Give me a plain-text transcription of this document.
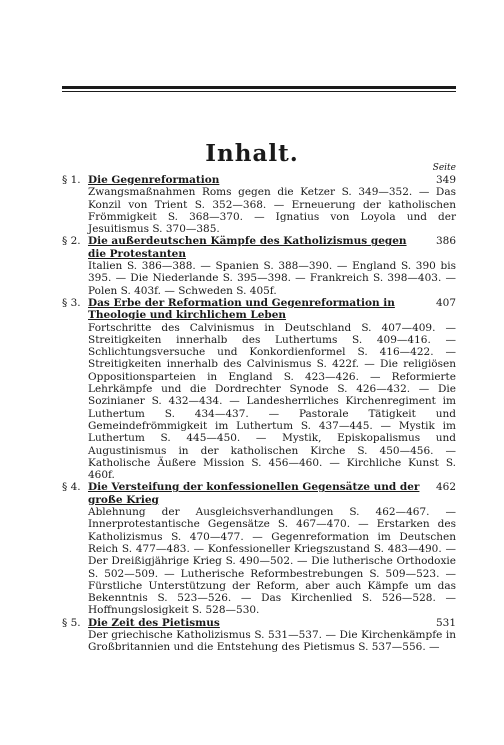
Inhalt.
Seite
§ 1. Die Gegenreformation	349
Zwangsmaßnahmen Roms gegen die Ketzer S. 349—352. — Das Konzil von Trient S. 352—368. — Erneuerung der katholischen Frömmigkeit S. 368—370. — Ignatius von Loyola und der Jesuitismus S. 370—385.
§ 2. Die außerdeutschen Kämpfe des Katholizismus gegen die Protestanten
386
Italien S. 386—388. — Spanien S. 388—390. — England S. 390 bis 395. — Die Niederlande S. 395—398. — Frankreich S. 398—403. — Polen S. 403f. — Schweden S. 405f.
§ 3. Das Erbe der Reformation und Gegenreformation in Theologie und kirchlichem Leben
407
Fortschritte des Calvinismus in Deutschland S. 407—409. — Streitigkeiten innerhalb des Luthertums S. 409—416. — Schlichtungsversuche und Konkordienformel S. 416—422. — Streitigkeiten innerhalb des Calvinismus S. 422f. — Die religiösen Oppositionsparteien in England S. 423—426. — Reformierte Lehrkämpfe und die Dordrechter Synode S. 426—432. — Die Sozinianer S. 432—434. — Landesherrliches Kirchenregiment im Luthertum S. 434—437. — Pastorale Tätigkeit und Gemeindefrömmigkeit im Luthertum S. 437—445. — Mystik im Luthertum S. 445—450. — Mystik, Episkopalismus und Augustinismus in der katholischen Kirche S. 450—456. — Katholische Äußere Mission S. 456—460. — Kirchliche Kunst S. 460f.
§ 4. Die Versteifung der konfessionellen Gegensätze und der große Krieg
462
Ablehnung der Ausgleichsverhandlungen S. 462—467. — Innerprotestantische Gegensätze S. 467—470. — Erstarken des Katholizismus S. 470—477. — Gegenreformation im Deutschen Reich S. 477—483. — Konfessioneller Kriegszustand S. 483—490. — Der Dreißigjährige Krieg S. 490—502. — Die lutherische Orthodoxie S. 502—509. — Lutherische Reformbestrebungen S. 509—523. — Fürstliche Unterstützung der Reform, aber auch Kämpfe um das Bekenntnis S. 523—526. — Das Kirchenlied S. 526—528. — Hoffnungslosigkeit S. 528—530.
§ 5. Die Zeit des Pietismus	531
Der griechische Katholizismus S. 531—537. — Die Kirchenkämpfe in Großbritannien und die Entstehung des Pietismus S. 537—556. —
